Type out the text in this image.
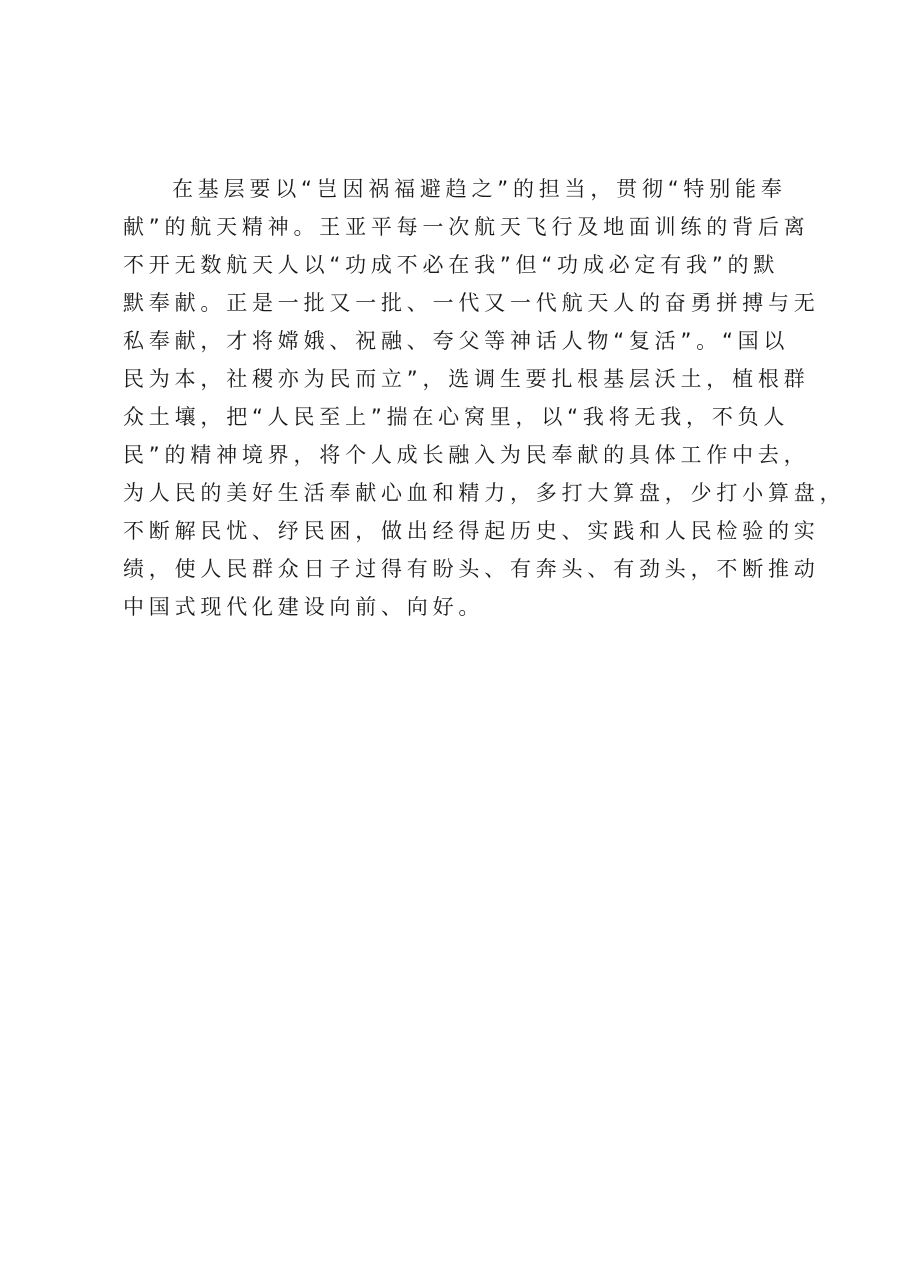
在基层要以“岂因祸福避趋之”的担当，贯彻“特别能奉
献”的航天精神。王亚平每一次航天飞行及地面训练的背后离
不开无数航天人以“功成不必在我”但“功成必定有我”的默
默奉献。正是一批又一批、一代又一代航天人的奋勇拼搏与无
私奉献，才将嫦娥、祝融、夸父等神话人物“复活”。“国以
民为本，社稷亦为民而立”，选调生要扎根基层沃土，植根群
众土壤，把“人民至上”揣在心窝里，以“我将无我，不负人
民”的精神境界，将个人成长融入为民奉献的具体工作中去，
为人民的美好生活奉献心血和精力，多打大算盘，少打小算盘，
不断解民忧、纾民困，做出经得起历史、实践和人民检验的实
绩，使人民群众日子过得有盼头、有奔头、有劲头，不断推动
中国式现代化建设向前、向好。
